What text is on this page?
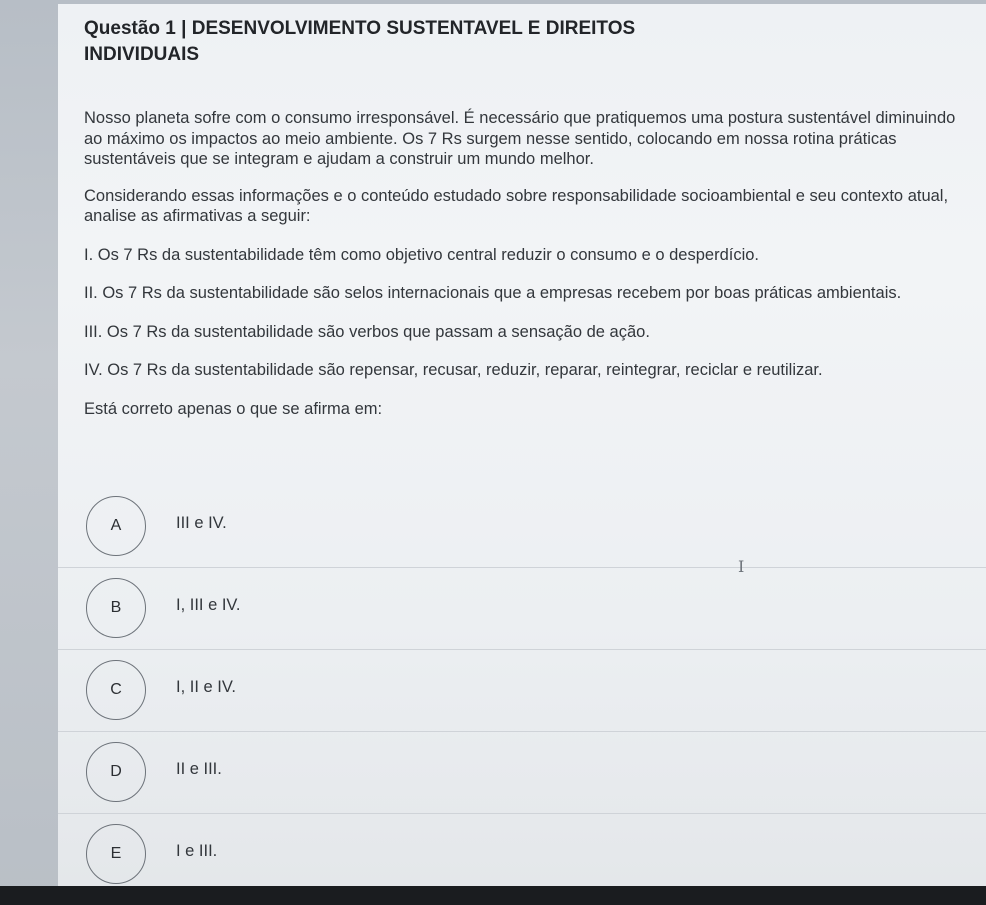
Questão 1 | DESENVOLVIMENTO SUSTENTAVEL E DIREITOS INDIVIDUAIS

Nosso planeta sofre com o consumo irresponsável. É necessário que pratiquemos uma postura sustentável diminuindo ao máximo os impactos ao meio ambiente. Os 7 Rs surgem nesse sentido, colocando em nossa rotina práticas sustentáveis que se integram e ajudam a construir um mundo melhor.

Considerando essas informações e o conteúdo estudado sobre responsabilidade socioambiental e seu contexto atual, analise as afirmativas a seguir:

I. Os 7 Rs da sustentabilidade têm como objetivo central reduzir o consumo e o desperdício.

II. Os 7 Rs da sustentabilidade são selos internacionais que a empresas recebem por boas práticas ambientais.

III. Os 7 Rs da sustentabilidade são verbos que passam a sensação de ação.

IV. Os 7 Rs da sustentabilidade são repensar, recusar, reduzir, reparar, reintegrar, reciclar e reutilizar.

Está correto apenas o que se afirma em:

A	III e IV.
I
B	I, III e IV.
C	I, II e IV.
D	II e III.
E	I e III.
